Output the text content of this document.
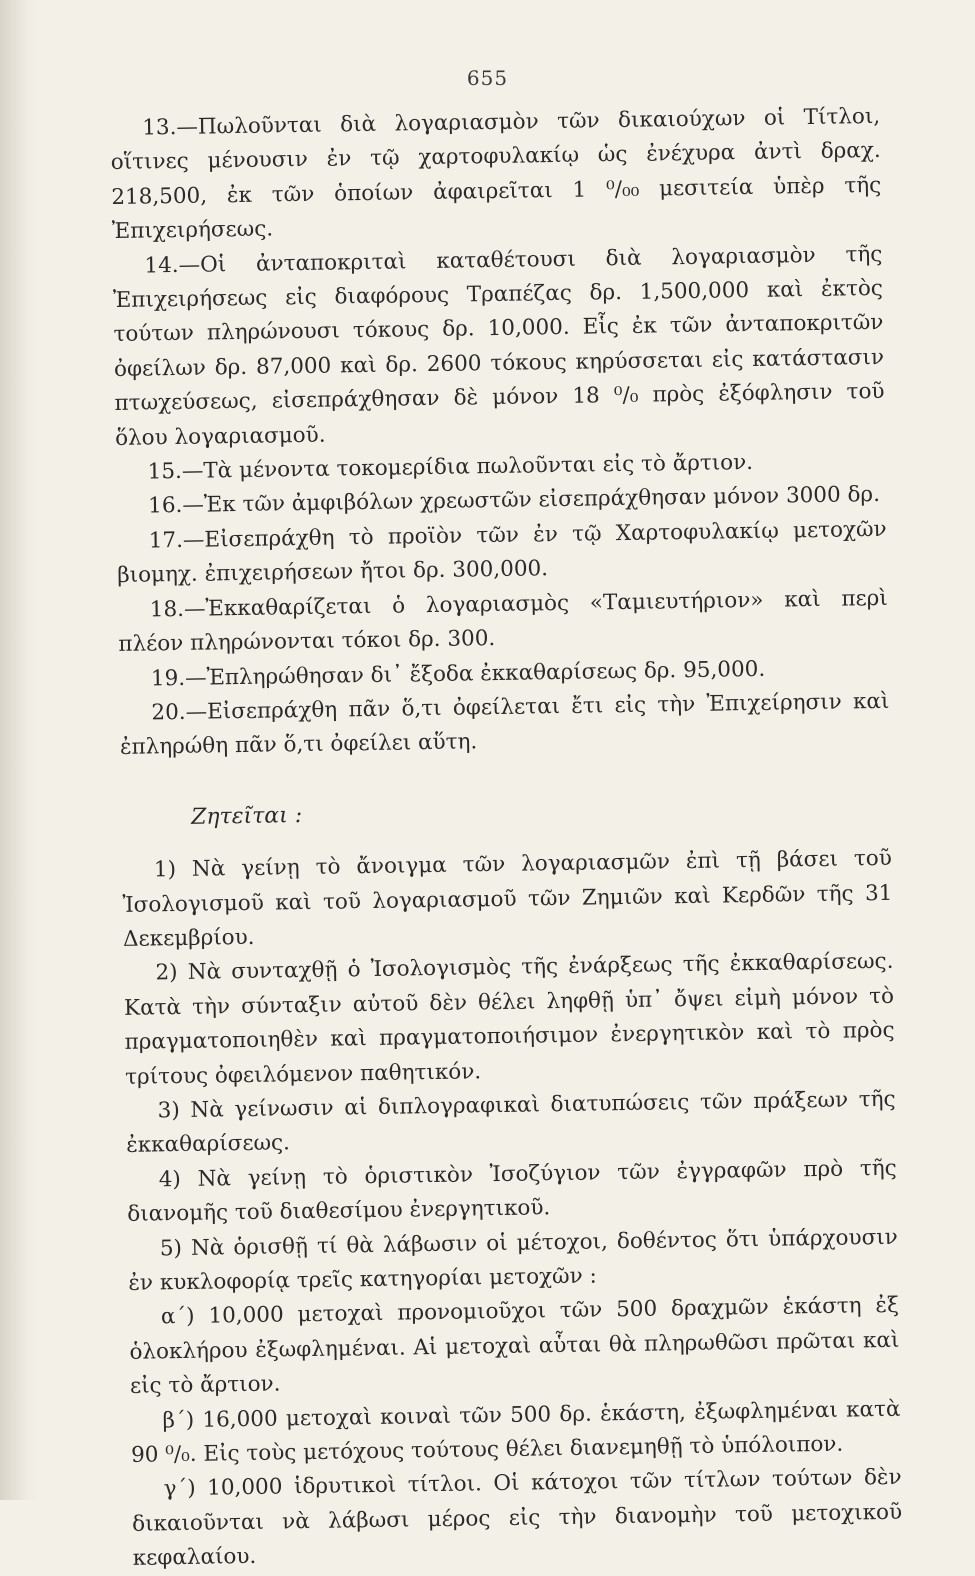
655

13.—Πωλοῦνται διὰ λογαριασμὸν τῶν δικαιούχων οἱ Τίτλοι, οἵτινες μένουσιν ἐν τῷ χαρτοφυλακίῳ ὡς ἐνέχυρα ἀντὶ δραχ. 218,500, ἐκ τῶν ὁποίων ἀφαιρεῖται 1 ⁰/₀₀ μεσιτεία ὑπὲρ τῆς Ἐπιχειρήσεως.

14.—Οἱ ἀνταποκριταὶ καταθέτουσι διὰ λογαριασμὸν τῆς Ἐπιχειρήσεως εἰς διαφόρους Τραπέζας δρ. 1,500,000 καὶ ἐκτὸς τούτων πληρώνουσι τόκους δρ. 10,000. Εἷς ἐκ τῶν ἀνταποκριτῶν ὀφείλων δρ. 87,000 καὶ δρ. 2600 τόκους κηρύσσεται εἰς κατάστασιν πτωχεύσεως, εἰσεπράχθησαν δὲ μόνον 18 ⁰/₀ πρὸς ἐξόφλησιν τοῦ ὅλου λογαριασμοῦ.

15.—Τὰ μένοντα τοκομερίδια πωλοῦνται εἰς τὸ ἄρτιον.

16.—Ἐκ τῶν ἀμφιβόλων χρεωστῶν εἰσεπράχθησαν μόνον 3000 δρ.

17.—Εἰσεπράχθη τὸ προϊὸν τῶν ἐν τῷ Χαρτοφυλακίῳ μετοχῶν βιομηχ. ἐπιχειρήσεων ἤτοι δρ. 300,000.

18.—Ἐκκαθαρίζεται ὁ λογαριασμὸς «Ταμιευτήριον» καὶ περὶ πλέον πληρώνονται τόκοι δρ. 300.

19.—Ἐπληρώθησαν δι᾿ ἔξοδα ἐκκαθαρίσεως δρ. 95,000.

20.—Εἰσεπράχθη πᾶν ὅ,τι ὀφείλεται ἔτι εἰς τὴν Ἐπιχείρησιν καὶ ἐπληρώθη πᾶν ὅ,τι ὀφείλει αὕτη.

Ζητεῖται :

1) Νὰ γείνῃ τὸ ἄνοιγμα τῶν λογαριασμῶν ἐπὶ τῇ βάσει τοῦ Ἰσολογισμοῦ καὶ τοῦ λογαριασμοῦ τῶν Ζημιῶν καὶ Κερδῶν τῆς 31 Δεκεμβρίου.

2) Νὰ συνταχθῇ ὁ Ἰσολογισμὸς τῆς ἐνάρξεως τῆς ἐκκαθαρίσεως. Κατὰ τὴν σύνταξιν αὐτοῦ δὲν θέλει ληφθῇ ὑπ᾿ ὄψει εἰμὴ μόνον τὸ πραγματοποιηθὲν καὶ πραγματοποιήσιμον ἐνεργητικὸν καὶ τὸ πρὸς τρίτους ὀφειλόμενον παθητικόν.

3) Νὰ γείνωσιν αἱ διπλογραφικαὶ διατυπώσεις τῶν πράξεων τῆς ἐκκαθαρίσεως.

4) Νὰ γείνῃ τὸ ὁριστικὸν Ἰσοζύγιον τῶν ἐγγραφῶν πρὸ τῆς διανομῆς τοῦ διαθεσίμου ἐνεργητικοῦ.

5) Νὰ ὁρισθῇ τί θὰ λάβωσιν οἱ μέτοχοι, δοθέντος ὅτι ὑπάρχουσιν ἐν κυκλοφορίᾳ τρεῖς κατηγορίαι μετοχῶν :

α΄) 10,000 μετοχαὶ προνομιοῦχοι τῶν 500 δραχμῶν ἑκάστη ἐξ ὁλοκλήρου ἐξωφλημέναι. Αἱ μετοχαὶ αὗται θὰ πληρωθῶσι πρῶται καὶ εἰς τὸ ἄρτιον.

β΄) 16,000 μετοχαὶ κοιναὶ τῶν 500 δρ. ἑκάστη, ἐξωφλημέναι κατὰ 90 ⁰/₀. Εἰς τοὺς μετόχους τούτους θέλει διανεμηθῇ τὸ ὑπόλοιπον.

γ΄) 10,000 ἱδρυτικοὶ τίτλοι. Οἱ κάτοχοι τῶν τίτλων τούτων δὲν δικαιοῦνται νὰ λάβωσι μέρος εἰς τὴν διανομὴν τοῦ μετοχικοῦ κεφαλαίου.
